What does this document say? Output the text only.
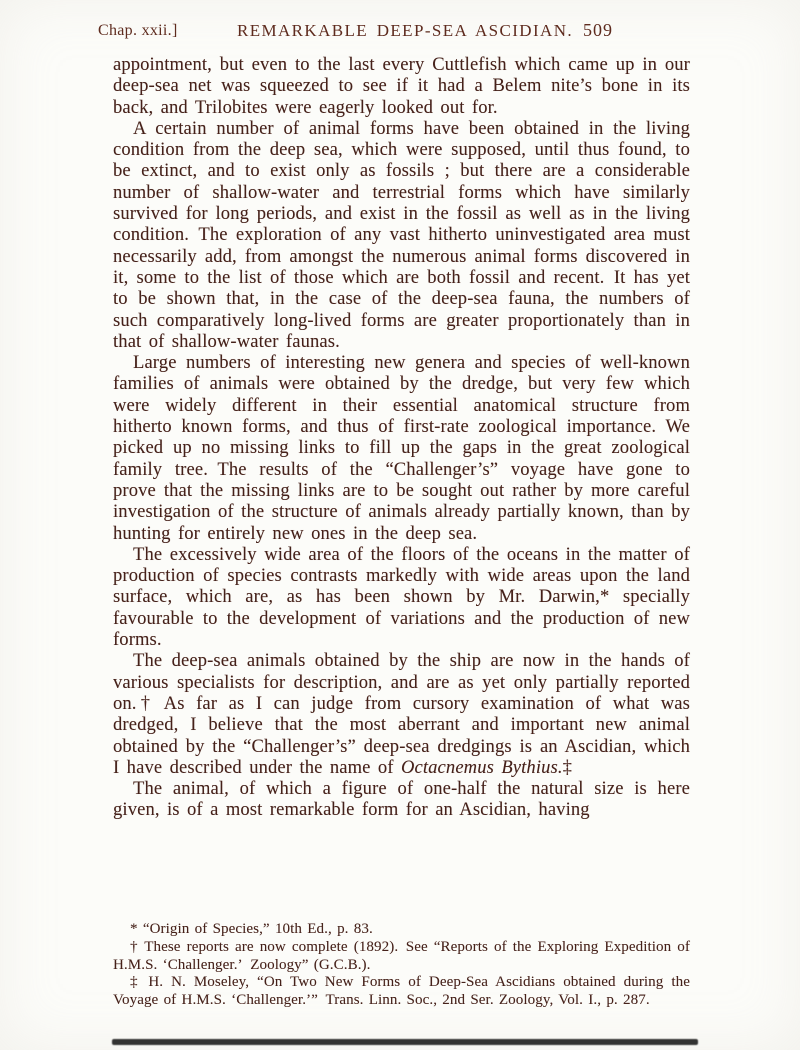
Chap. xxii.]	REMARKABLE DEEP-SEA ASCIDIAN. 509

appointment, but even to the last every Cuttlefish which came up in our deep-sea net was squeezed to see if it had a Belem nite’s bone in its back, and Trilobites were eagerly looked out for.

A certain number of animal forms have been obtained in the living condition from the deep sea, which were supposed, until thus found, to be extinct, and to exist only as fossils ; but there are a considerable number of shallow-water and terrestrial forms which have similarly survived for long periods, and exist in the fossil as well as in the living condition. The exploration of any vast hitherto uninvestigated area must necessarily add, from amongst the numerous animal forms discovered in it, some to the list of those which are both fossil and recent. It has yet to be shown that, in the case of the deep-sea fauna, the numbers of such comparatively long-lived forms are greater proportionately than in that of shallow-water faunas.

Large numbers of interesting new genera and species of well-known families of animals were obtained by the dredge, but very few which were widely different in their essential anatomical structure from hitherto known forms, and thus of first-rate zoological importance. We picked up no missing links to fill up the gaps in the great zoological family tree. The results of the “Challenger’s” voyage have gone to prove that the missing links are to be sought out rather by more careful investigation of the structure of animals already partially known, than by hunting for entirely new ones in the deep sea.

The excessively wide area of the floors of the oceans in the matter of production of species contrasts markedly with wide areas upon the land surface, which are, as has been shown by Mr. Darwin,* specially favourable to the development of variations and the production of new forms.

The deep-sea animals obtained by the ship are now in the hands of various specialists for description, and are as yet only partially reported on.† As far as I can judge from cursory examination of what was dredged, I believe that the most aberrant and important new animal obtained by the “Challenger’s” deep-sea dredgings is an Ascidian, which I have described under the name of Octacnemus Bythius.‡

The animal, of which a figure of one-half the natural size is here given, is of a most remarkable form for an Ascidian, having

* “Origin of Species,” 10th Ed., p. 83.

† These reports are now complete (1892). See “Reports of the Exploring Expedition of H.M.S. ‘Challenger.’ Zoology” (G.C.B.).

‡ H. N. Moseley, “On Two New Forms of Deep-Sea Ascidians obtained during the Voyage of H.M.S. ‘Challenger.’” Trans. Linn. Soc., 2nd Ser. Zoology, Vol. I., p. 287.
